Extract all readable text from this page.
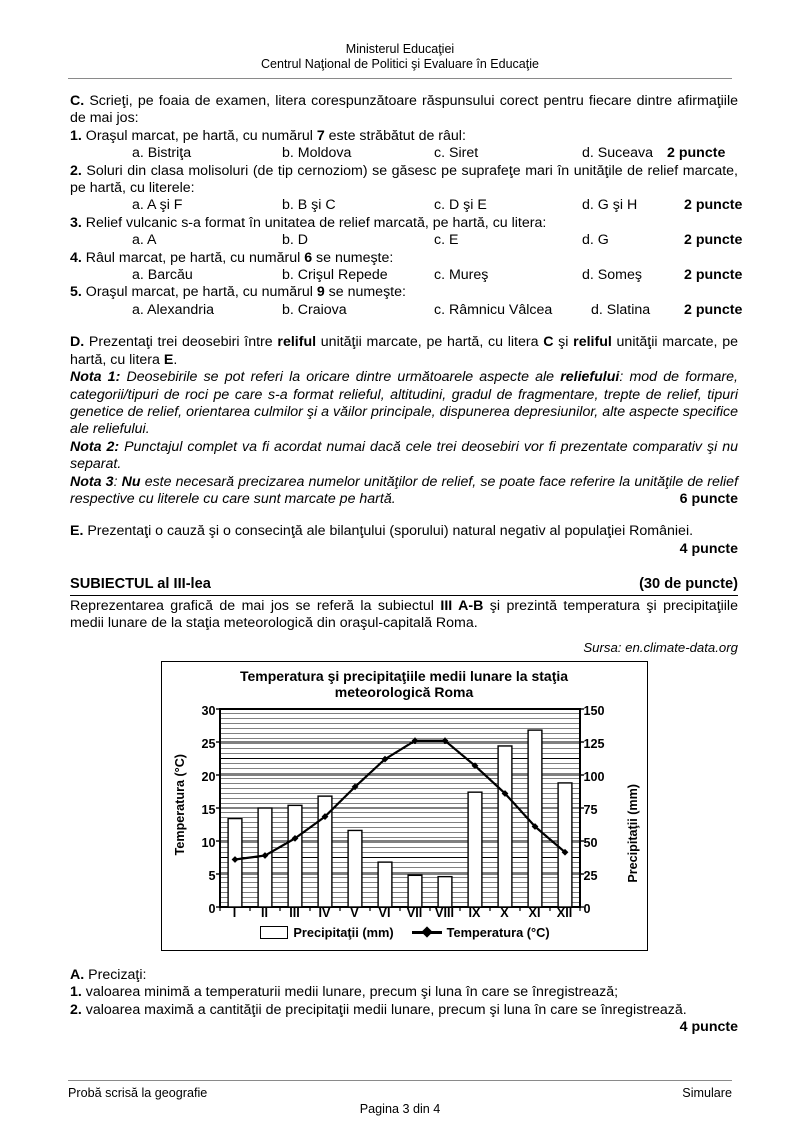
Ministerul Educaţiei
Centrul Naţional de Politici şi Evaluare în Educaţie

C. Scrieţi, pe foaia de examen, litera corespunzătoare răspunsului corect pentru fiecare dintre afirmaţiile de mai jos:

1. Oraşul marcat, pe hartă, cu numărul 7 este străbătut de râul:

a. Bistriţa	b. Moldova	c. Siret	d. Suceava 2 puncte

2. Soluri din clasa molisoluri (de tip cernoziom) se găsesc pe suprafeţe mari în unităţile de relief marcate, pe hartă, cu literele:

a. A şi F	b. B şi C	c. D şi E	d. G şi H	2 puncte

3. Relief vulcanic s-a format în unitatea de relief marcată, pe hartă, cu litera:

a. A	b. D	c. E	d. G	2 puncte

4. Râul marcat, pe hartă, cu numărul 6 se numeşte:

a. Barcău	b. Crişul Repede	c. Mureş	d. Someş	2 puncte

5. Oraşul marcat, pe hartă, cu numărul 9 se numeşte:

a. Alexandria	b. Craiova	c. Râmnicu Vâlcea	d. Slatina 2 puncte

D. Prezentaţi trei deosebiri între reliful unităţii marcate, pe hartă, cu litera C şi reliful unităţii marcate, pe hartă, cu litera E.

Nota 1: Deosebirile se pot referi la oricare dintre următoarele aspecte ale reliefului: mod de formare, categorii/tipuri de roci pe care s-a format relieful, altitudini, gradul de fragmentare, trepte de relief, tipuri genetice de relief, orientarea culmilor şi a văilor principale, dispunerea depresiunilor, alte aspecte specifice ale reliefului.

Nota 2: Punctajul complet va fi acordat numai dacă cele trei deosebiri vor fi prezentate comparativ şi nu separat.

Nota 3: Nu este necesară precizarea numelor unităţilor de relief, se poate face referire la unităţile de relief respective cu literele cu care sunt marcate pe hartă.	6 puncte

E. Prezentaţi o cauză şi o consecinţă ale bilanţului (sporului) natural negativ al populaţiei României.

4 puncte

SUBIECTUL al III-lea	(30 de puncte)

Reprezentarea grafică de mai jos se referă la subiectul III A-B şi prezintă temperatura şi precipitaţiile medii lunare de la staţia meteorologică din oraşul-capitală Roma.

Sursa: en.climate-data.org
Temperatura şi precipitaţiile medii lunare la staţia meteorologică Roma
Temperatura (°C)	Precipitaţii (mm)
30
25
20
15
10
5
0
150
125
100
75
50
25
0
I	II	III	IV	V	VI	VII	VIII	IX	X	XI	XII
Precipitaţii (mm)	Temperatura (°C)

A. Precizaţi:

1. valoarea minimă a temperaturii medii lunare, precum şi luna în care se înregistrează;

2. valoarea maximă a cantităţii de precipitaţii medii lunare, precum şi luna în care se înregistrează.

4 puncte

Probă scrisă la geografie	Simulare
Pagina 3 din 4
